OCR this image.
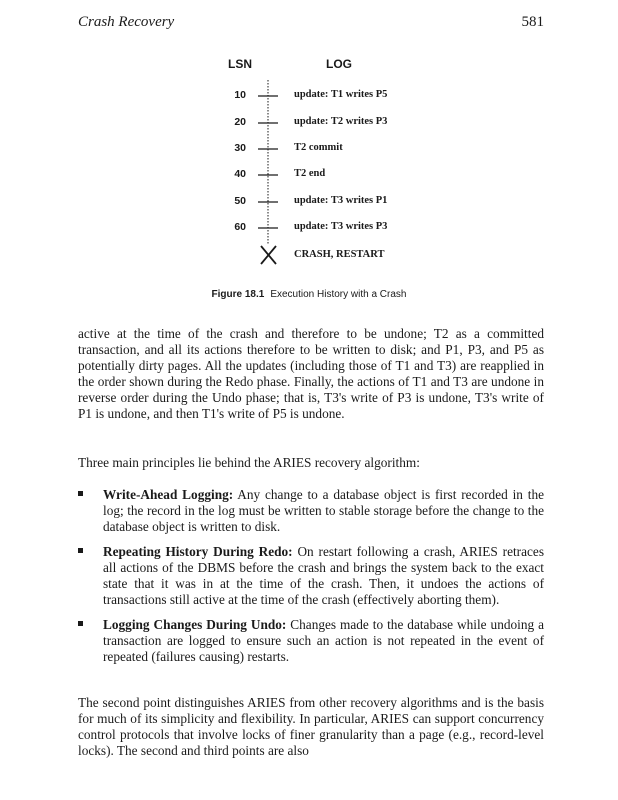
Crash Recovery	581
LSN	LOG
10	update: T1 writes P5
20	update: T2 writes P3
30	T2 commit
40	T2 end
50	update: T3 writes P1
60	update: T3 writes P3
CRASH, RESTART
Figure 18.1 Execution History with a Crash

active at the time of the crash and therefore to be undone; T2 as a committed transaction, and all its actions therefore to be written to disk; and P1, P3, and P5 as potentially dirty pages. All the updates (including those of T1 and T3) are reapplied in the order shown during the Redo phase. Finally, the actions of T1 and T3 are undone in reverse order during the Undo phase; that is, T3's write of P3 is undone, T3's write of P1 is undone, and then T1's write of P5 is undone.

Three main principles lie behind the ARIES recovery algorithm:

Write-Ahead Logging: Any change to a database object is first recorded in the log; the record in the log must be written to stable storage before the change to the database object is written to disk.
Repeating History During Redo: On restart following a crash, ARIES retraces all actions of the DBMS before the crash and brings the system back to the exact state that it was in at the time of the crash. Then, it undoes the actions of transactions still active at the time of the crash (effectively aborting them).
Logging Changes During Undo: Changes made to the database while undoing a transaction are logged to ensure such an action is not repeated in the event of repeated (failures causing) restarts.

The second point distinguishes ARIES from other recovery algorithms and is the basis for much of its simplicity and flexibility. In particular, ARIES can support concurrency control protocols that involve locks of finer granularity than a page (e.g., record-level locks). The second and third points are also
